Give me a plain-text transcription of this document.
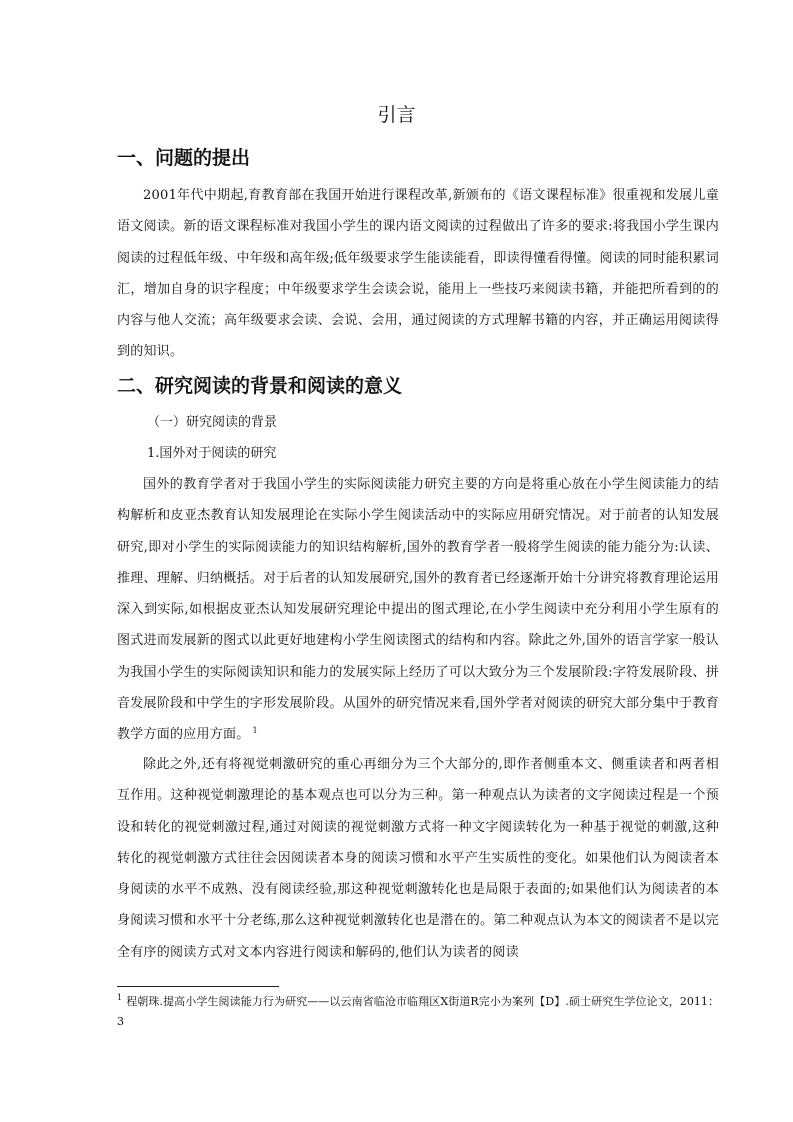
引言
一、问题的提出
2001年代中期起,育教育部在我国开始进行课程改革,新颁布的《语文课程标准》很重视和发展儿童语文阅读。新的语文课程标准对我国小学生的课内语文阅读的过程做出了许多的要求:将我国小学生课内阅读的过程低年级、中年级和高年级;低年级要求学生能读能看，即读得懂看得懂。阅读的同时能积累词汇，增加自身的识字程度；中年级要求学生会读会说，能用上一些技巧来阅读书籍，并能把所看到的的内容与他人交流；高年级要求会读、会说、会用，通过阅读的方式理解书籍的内容，并正确运用阅读得到的知识。
二、研究阅读的背景和阅读的意义
（一）研究阅读的背景
1.国外对于阅读的研究
国外的教育学者对于我国小学生的实际阅读能力研究主要的方向是将重心放在小学生阅读能力的结构解析和皮亚杰教育认知发展理论在实际小学生阅读活动中的实际应用研究情况。对于前者的认知发展研究,即对小学生的实际阅读能力的知识结构解析,国外的教育学者一般将学生阅读的能力能分为:认读、推理、理解、归纳概括。对于后者的认知发展研究,国外的教育者已经逐渐开始十分讲究将教育理论运用深入到实际,如根据皮亚杰认知发展研究理论中提出的图式理论,在小学生阅读中充分利用小学生原有的图式进而发展新的图式以此更好地建构小学生阅读图式的结构和内容。除此之外,国外的语言学家一般认为我国小学生的实际阅读知识和能力的发展实际上经历了可以大致分为三个发展阶段:字符发展阶段、拼音发展阶段和中学生的字形发展阶段。从国外的研究情况来看,国外学者对阅读的研究大部分集中于教育教学方面的应用方面。 $^1$
除此之外,还有将视觉刺激研究的重心再细分为三个大部分的,即作者侧重本文、侧重读者和两者相互作用。这种视觉刺激理论的基本观点也可以分为三种。第一种观点认为读者的文字阅读过程是一个预设和转化的视觉刺激过程,通过对阅读的视觉刺激方式将一种文字阅读转化为一种基于视觉的刺激,这种转化的视觉刺激方式往往会因阅读者本身的阅读习惯和水平产生实质性的变化。如果他们认为阅读者本身阅读的水平不成熟、没有阅读经验,那这种视觉刺激转化也是局限于表面的;如果他们认为阅读者的本身阅读习惯和水平十分老练,那么这种视觉刺激转化也是潜在的。第二种观点认为本文的阅读者不是以完全有序的阅读方式对文本内容进行阅读和解码的,他们认为读者的阅读
$^1$ 程朝珠.提高小学生阅读能力行为研究——以云南省临沧市临翔区X街道R完小为案列【D】.硕士研究生学位论文，2011：3
